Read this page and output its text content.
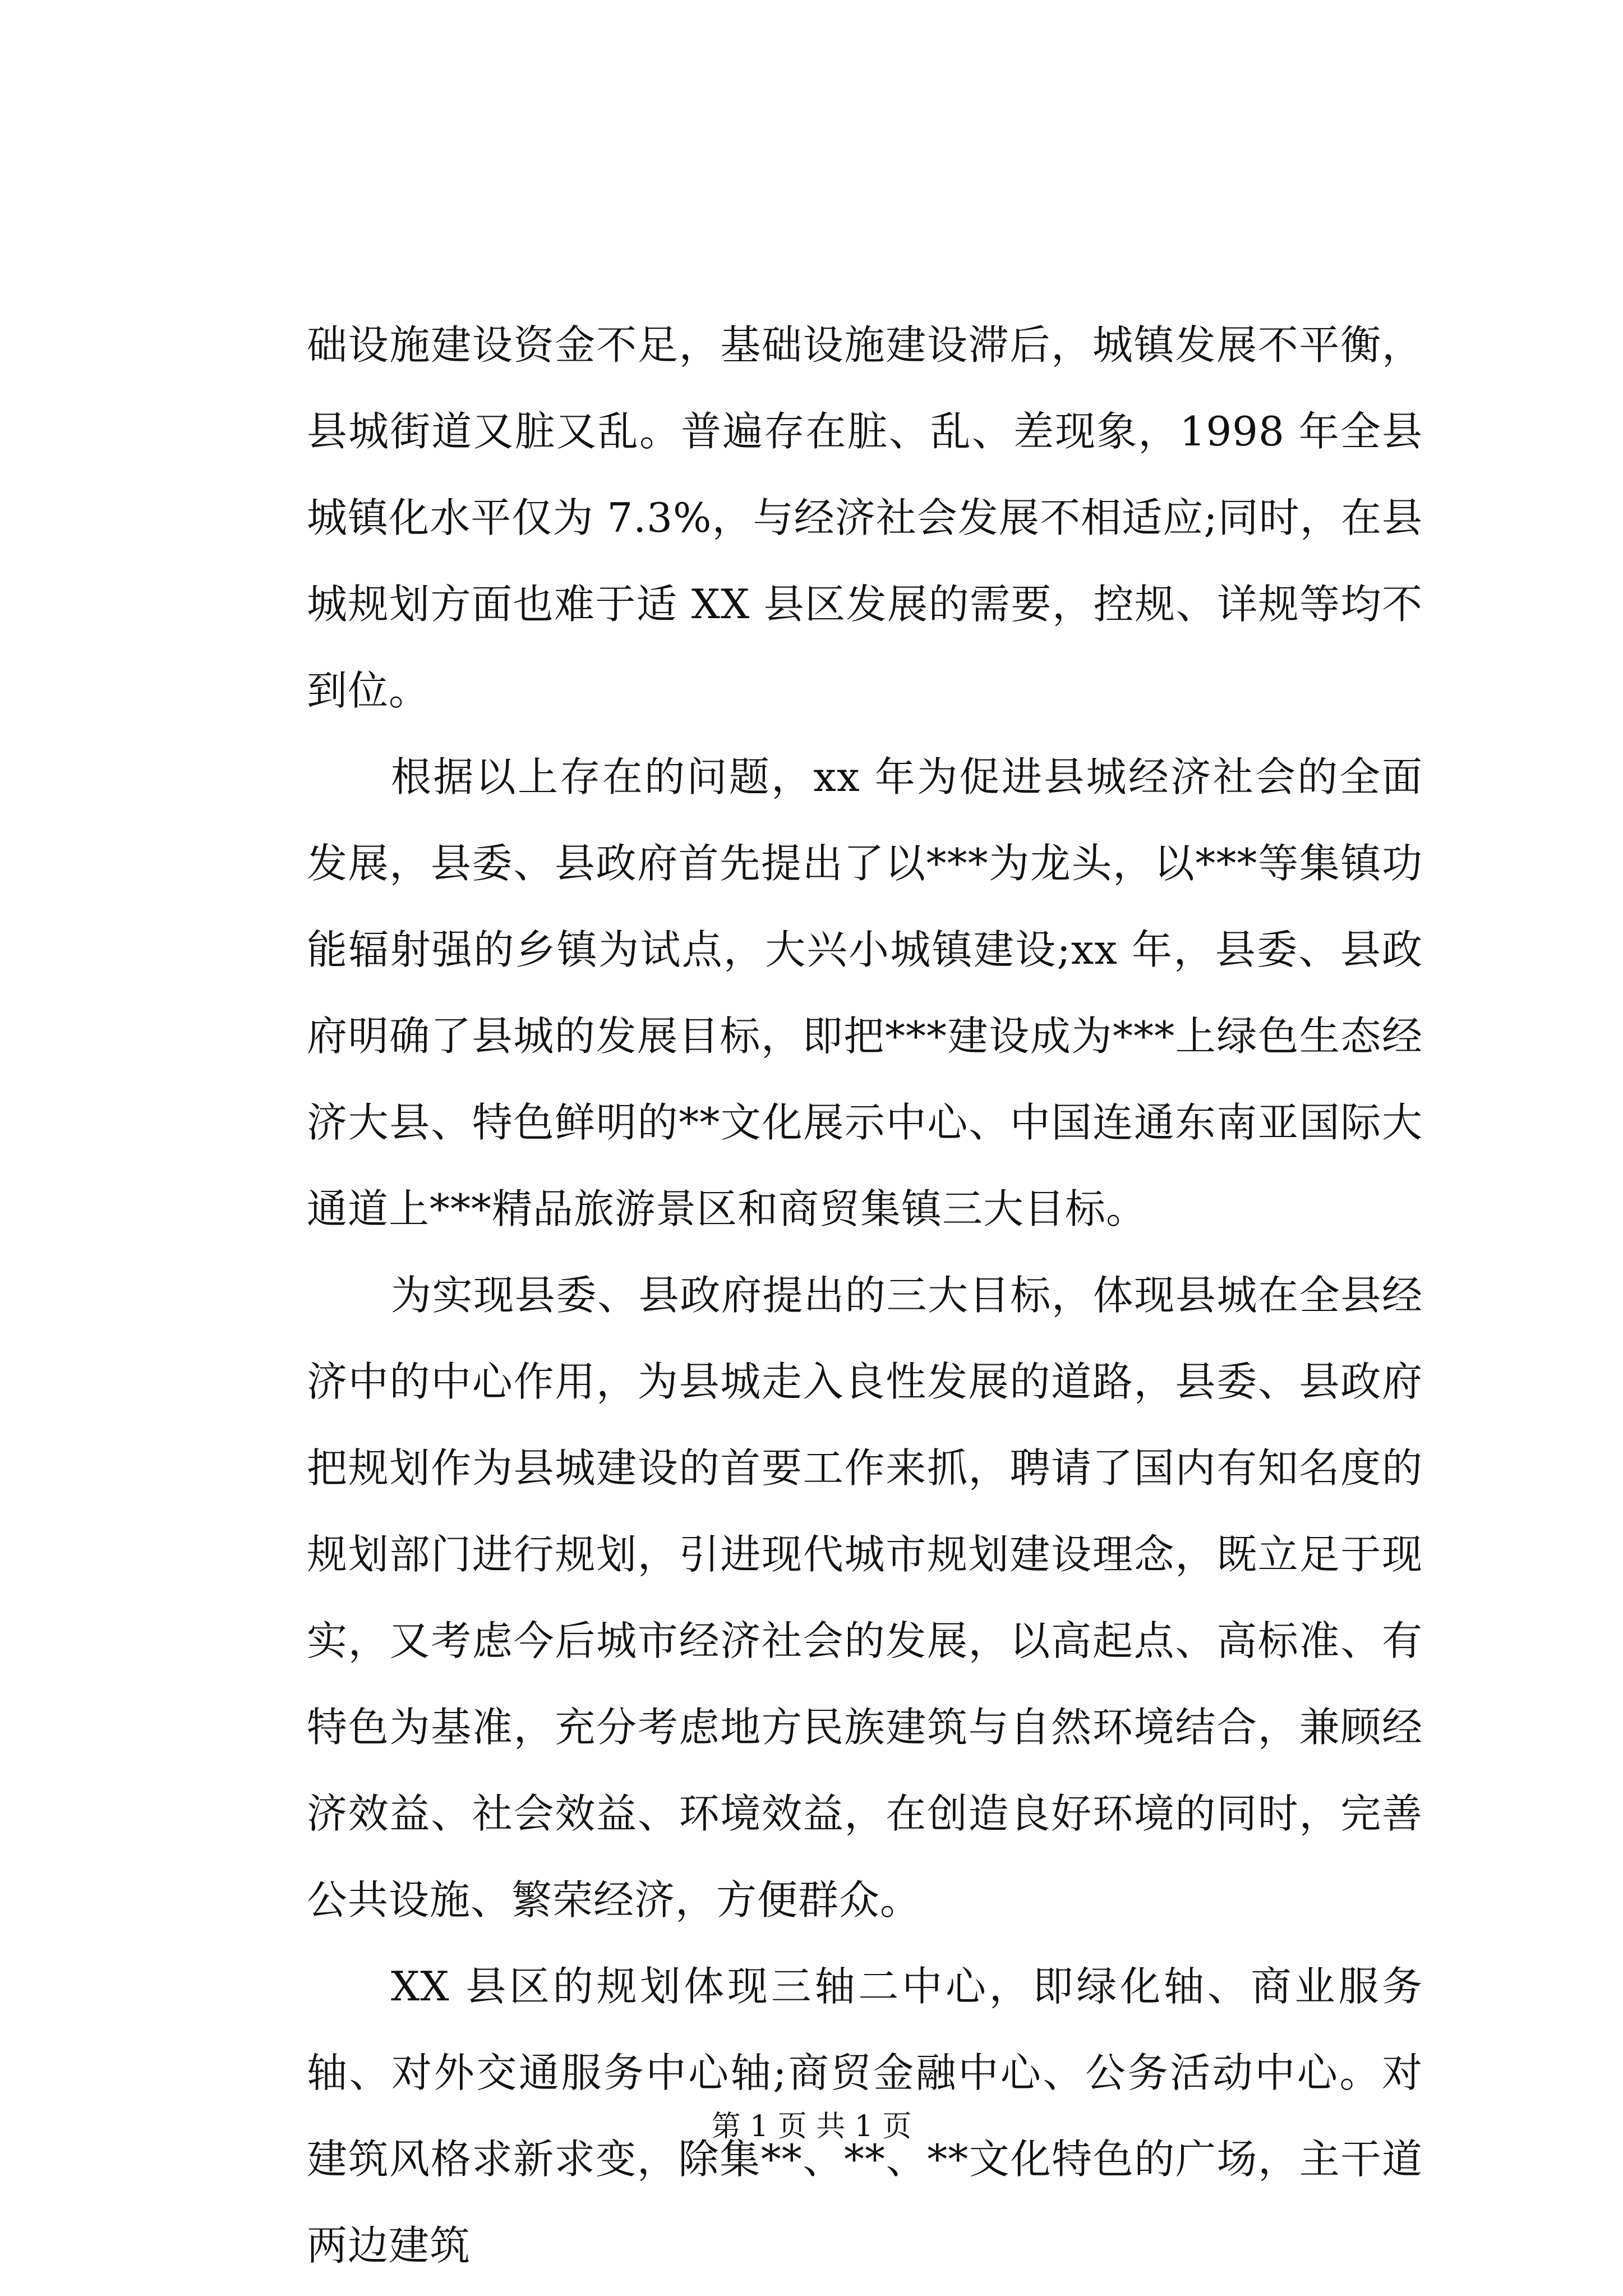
础设施建设资金不足，基础设施建设滞后，城镇发展不平衡，县城街道又脏又乱。普遍存在脏、乱、差现象，1998 年全县城镇化水平仅为 7.3%，与经济社会发展不相适应;同时，在县城规划方面也难于适 XX 县区发展的需要，控规、详规等均不到位。

根据以上存在的问题，xx 年为促进县城经济社会的全面发展，县委、县政府首先提出了以***为龙头，以***等集镇功能辐射强的乡镇为试点，大兴小城镇建设;xx 年，县委、县政府明确了县城的发展目标，即把***建设成为***上绿色生态经济大县、特色鲜明的**文化展示中心、中国连通东南亚国际大通道上***精品旅游景区和商贸集镇三大目标。

为实现县委、县政府提出的三大目标，体现县城在全县经济中的中心作用，为县城走入良性发展的道路，县委、县政府把规划作为县城建设的首要工作来抓，聘请了国内有知名度的规划部门进行规划，引进现代城市规划建设理念，既立足于现实，又考虑今后城市经济社会的发展，以高起点、高标准、有特色为基准，充分考虑地方民族建筑与自然环境结合，兼顾经济效益、社会效益、环境效益，在创造良好环境的同时，完善公共设施、繁荣经济，方便群众。

XX 县区的规划体现三轴二中心，即绿化轴、商业服务轴、对外交通服务中心轴;商贸金融中心、公务活动中心。对建筑风格求新求变，除集**、**、**文化特色的广场，主干道两边建筑

第 1 页 共 1 页
